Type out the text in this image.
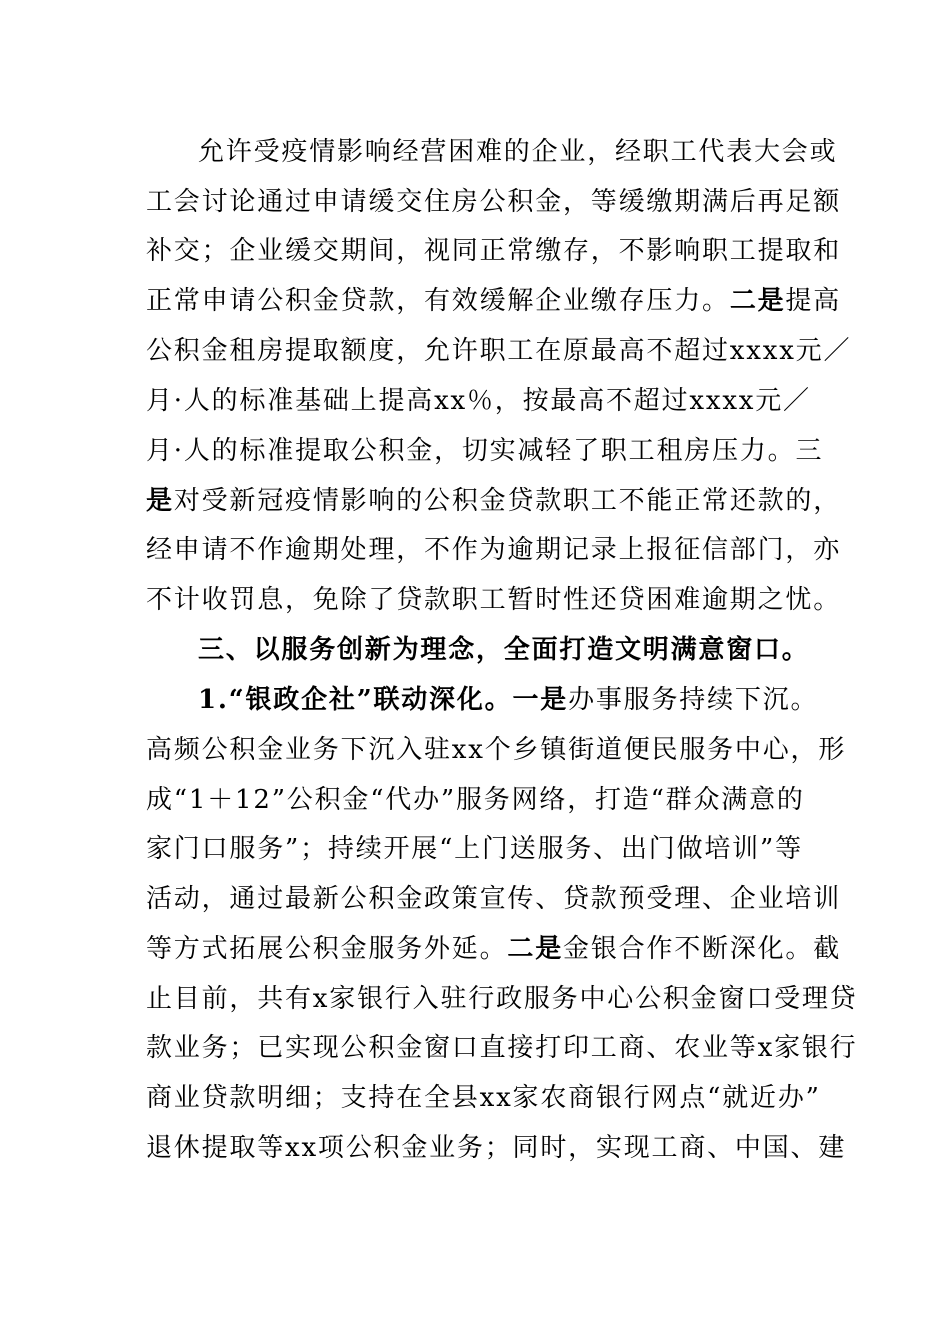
允许受疫情影响经营困难的企业，经职工代表大会或
工会讨论通过申请缓交住房公积金，等缓缴期满后再足额
补交；企业缓交期间，视同正常缴存，不影响职工提取和
正常申请公积金贷款，有效缓解企业缴存压力。二是提高
公积金租房提取额度，允许职工在原最高不超过xxxx元／
月·人的标准基础上提高xx％，按最高不超过xxxx元／
月·人的标准提取公积金，切实减轻了职工租房压力。三
是对受新冠疫情影响的公积金贷款职工不能正常还款的，
经申请不作逾期处理，不作为逾期记录上报征信部门，亦
不计收罚息，免除了贷款职工暂时性还贷困难逾期之忧。
三、以服务创新为理念，全面打造文明满意窗口。
1.“银政企社”联动深化。一是办事服务持续下沉。
高频公积金业务下沉入驻xx个乡镇街道便民服务中心，形
成“1＋12”公积金“代办”服务网络，打造“群众满意的
家门口服务”；持续开展“上门送服务、出门做培训”等
活动，通过最新公积金政策宣传、贷款预受理、企业培训
等方式拓展公积金服务外延。二是金银合作不断深化。截
止目前，共有x家银行入驻行政服务中心公积金窗口受理贷
款业务；已实现公积金窗口直接打印工商、农业等x家银行
商业贷款明细；支持在全县xx家农商银行网点“就近办”
退休提取等xx项公积金业务；同时，实现工商、中国、建
